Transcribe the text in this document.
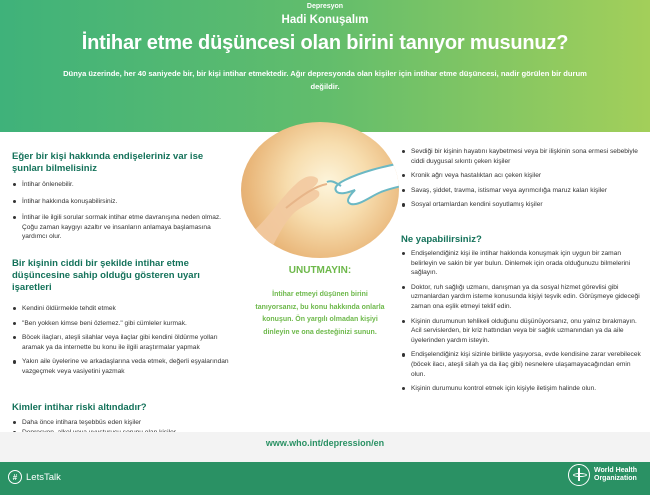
Depresyon
Hadi Konuşalım
İntihar etme düşüncesi olan birini tanıyor musunuz?
Dünya üzerinde, her 40 saniyede bir, bir kişi intihar etmektedir. Ağır depresyonda olan kişiler için intihar etme düşüncesi, nadir görülen bir durum değildir.
Eğer bir kişi hakkında endişeleriniz var ise şunları bilmelisiniz
İntihar önlenebilir.
İntihar hakkında konuşabilirsiniz.
İntihar ile ilgili sorular sormak intihar etme davranışına neden olmaz. Çoğu zaman kaygıyı azaltır ve insanların anlamaya başlamasına yardımcı olur.
Bir kişinin ciddi bir şekilde intihar etme düşüncesine sahip olduğu gösteren uyarı işaretleri
Kendini öldürmekle tehdit etmek
"Ben yokken kimse beni özlemez." gibi cümleler kurmak.
Böcek ilaçları, ateşli silahlar veya ilaçlar gibi kendini öldürme yolları aramak ya da internette bu konu ile ilgili araştırmalar yapmak
Yakın aile üyelerine ve arkadaşlarına veda etmek, değerli eşyalarından vazgeçmek veya vasiyetini yazmak
Kimler intihar riski altındadır?
Daha önce intihara teşebbüs eden kişiler
UNUTMAYIN:
İntihar etmeyi düşünen birini tanıyorsanız, bu konu hakkında onlarla konuşun. Ön yargılı olmadan kişiyi dinleyin ve ona desteğinizi sunun.
Sevdiği bir kişinin hayatını kaybetmesi veya bir ilişkinin sona ermesi sebebiyle ciddi duygusal sıkıntı çeken kişiler
Kronik ağrı veya hastalıktan acı çeken kişiler
Savaş, şiddet, travma, istismar veya ayrımcılığa maruz kalan kişiler
Sosyal ortamlardan kendini soyutlamış kişiler
Ne yapabilirsiniz?
Endişelendiğiniz kişi ile intihar hakkında konuşmak için uygun bir zaman belirleyin ve sakin bir yer bulun. Dinlemek için orada olduğunuzu bilmelerini sağlayın.
Doktor, ruh sağlığı uzmanı, danışman ya da sosyal hizmet görevlisi gibi uzmanlardan yardım isteme konusunda kişiyi teşvik edin. Görüşmeye gideceği zaman ona eşlik etmeyi teklif edin.
Kişinin durumunun tehlikeli olduğunu düşünüyorsanız, onu yalnız bırakmayın. Acil servislerden, bir kriz hattından veya bir sağlık uzmanından ya da aile üyelerinden yardım isteyin.
Endişelendiğiniz kişi sizinle birlikte yaşıyorsa, evde kendisine zarar verebilecek (böcek ilacı, ateşli silah ya da ilaç gibi) nesnelere ulaşamayacağından emin olun.
Kişinin durumunu kontrol etmek için kişiyle iletişim halinde olun.
www.who.int/depression/en
# LetsTalk
World Health
Organization
